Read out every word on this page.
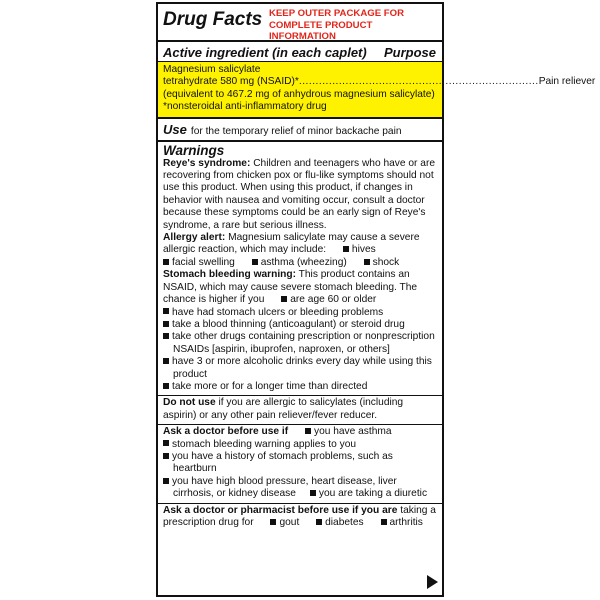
Drug Facts KEEP OUTER PACKAGE FOR
COMPLETE PRODUCT INFORMATION
Active ingredient (in each caplet) Purpose
Magnesium salicylate
tetrahydrate 580 mg (NSAID)* ........................................................................ Pain reliever
(equivalent to 467.2 mg of anhydrous magnesium salicylate)
*nonsteroidal anti-inflammatory drug
Use for the temporary relief of minor backache pain
Warnings
Reye's syndrome: Children and teenagers who have or are recovering from chicken pox or flu-like symptoms should not use this product. When using this product, if changes in behavior with nausea and vomiting occur, consult a doctor because these symptoms could be an early sign of Reye's syndrome, a rare but serious illness.
Allergy alert: Magnesium salicylate may cause a severe allergic reaction, which may include:	hives
facial swelling	asthma (wheezing)	shock
Stomach bleeding warning: This product contains an NSAID, which may cause severe stomach bleeding. The chance is higher if you	are age 60 or older
have had stomach ulcers or bleeding problems
take a blood thinning (anticoagulant) or steroid drug
take other drugs containing prescription or nonprescription NSAIDs [aspirin, ibuprofen, naproxen, or others]
have 3 or more alcoholic drinks every day while using this product
take more or for a longer time than directed
Do not use if you are allergic to salicylates (including aspirin) or any other pain reliever/fever reducer.
Ask a doctor before use if	you have asthma
stomach bleeding warning applies to you
you have a history of stomach problems, such as heartburn
you have high blood pressure, heart disease, liver cirrhosis, or kidney disease you are taking a diuretic
Ask a doctor or pharmacist before use if you are taking a prescription drug for	gout	diabetes	arthritis
